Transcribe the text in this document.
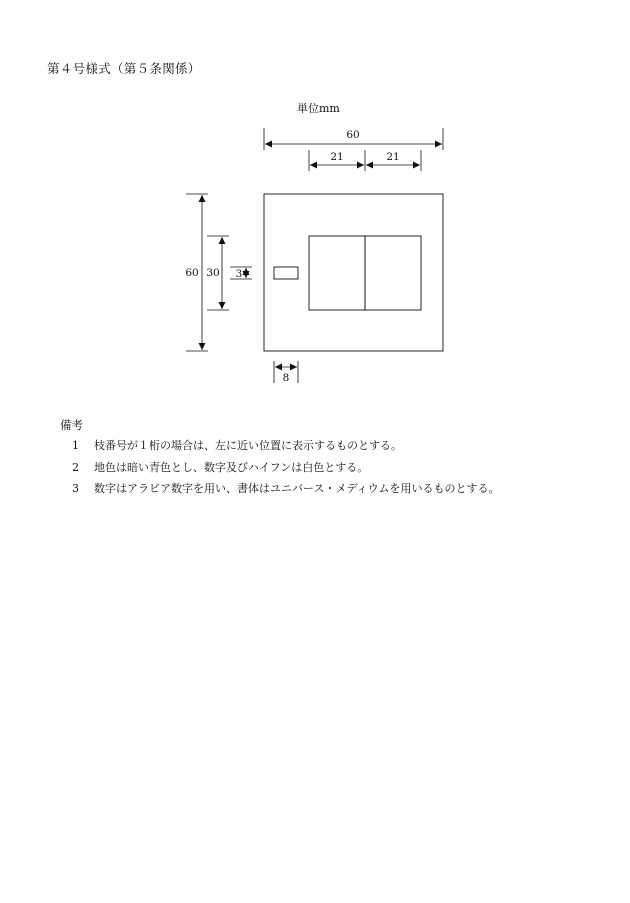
第４号様式（第５条関係）
単位mm
60
21	21
60 30 3
8
備考
1 枝番号が１桁の場合は、左に近い位置に表示するものとする。
2 地色は暗い青色とし、数字及びハイフンは白色とする。
3 数字はアラビア数字を用い、書体はユニバース・メディウムを用いるものとする。
